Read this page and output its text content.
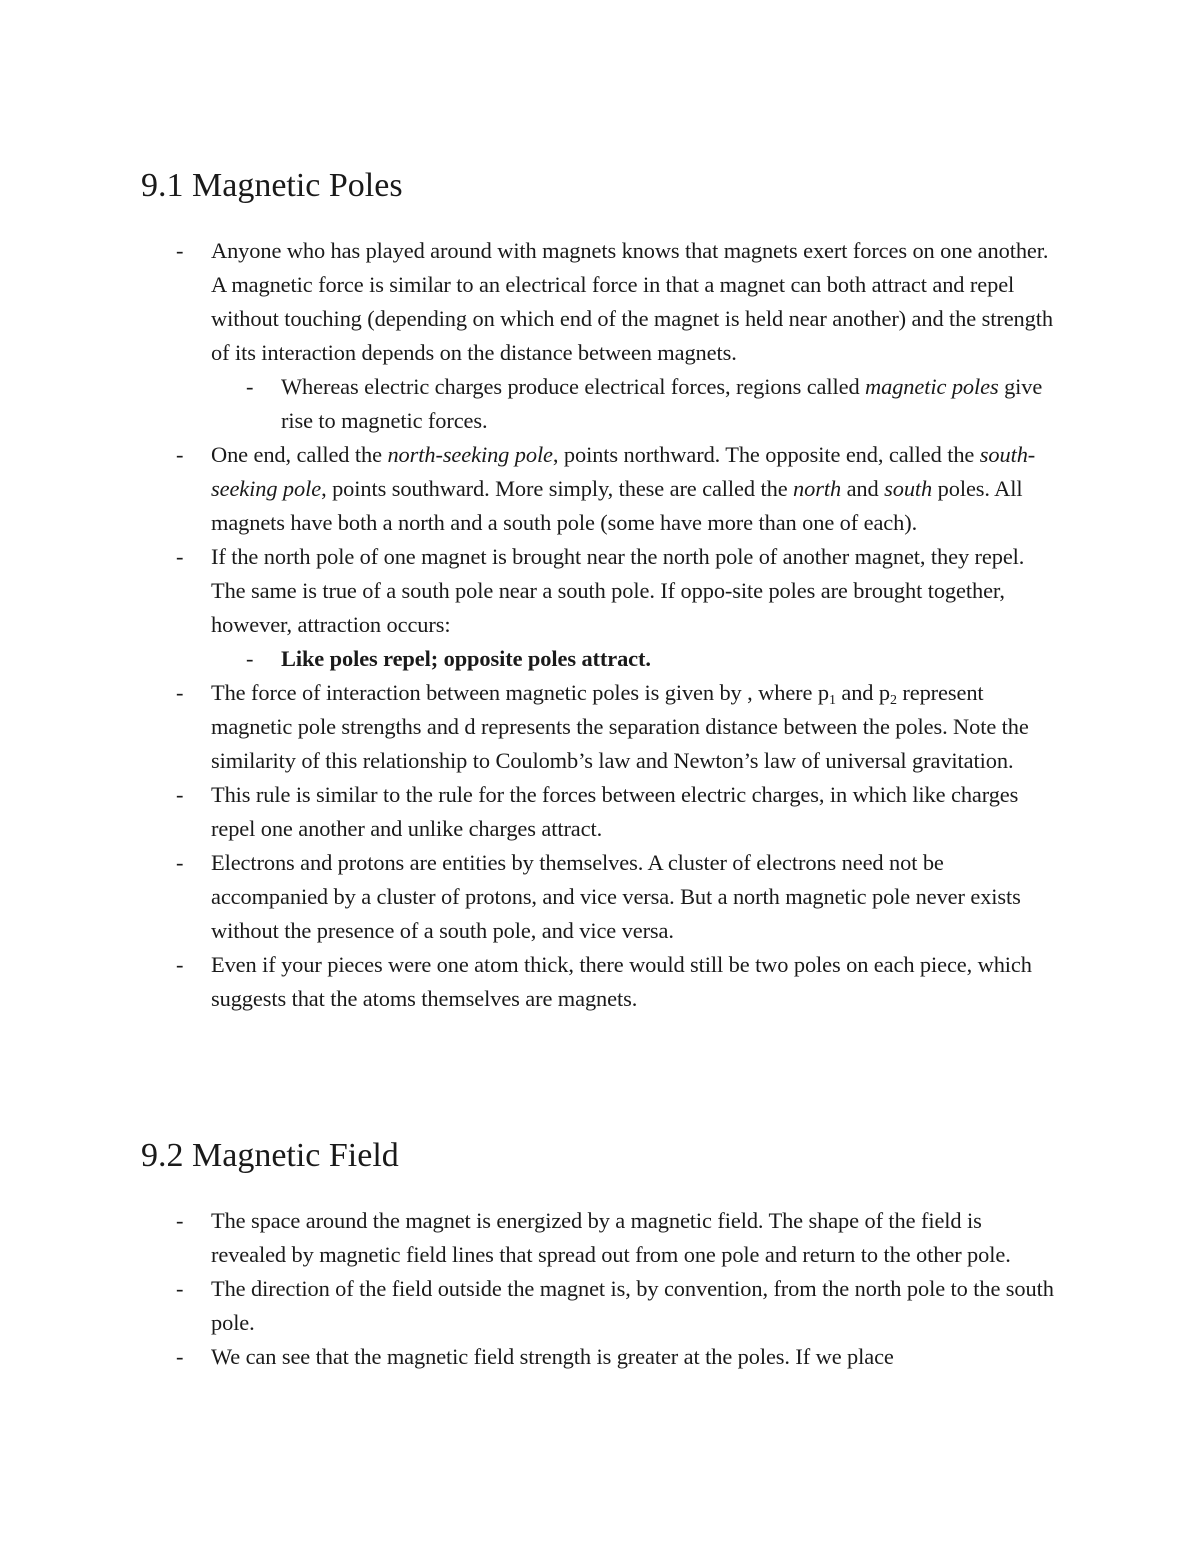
9.1 Magnetic Poles
- Anyone who has played around with magnets knows that magnets exert forces on one another. A magnetic force is similar to an electrical force in that a magnet can both attract and repel without touching (depending on which end of the magnet is held near another) and the strength of its interaction depends on the distance between magnets.
- Whereas electric charges produce electrical forces, regions called magnetic poles give rise to magnetic forces.
- One end, called the north-seeking pole, points northward. The opposite end, called the south-seeking pole, points southward. More simply, these are called the north and south poles. All magnets have both a north and a south pole (some have more than one of each).
- If the north pole of one magnet is brought near the north pole of another magnet, they repel. The same is true of a south pole near a south pole. If oppo-site poles are brought together, however, attraction occurs:
- Like poles repel; opposite poles attract.
- The force of interaction between magnetic poles is given by , where $p_1$ and $p_2$ represent magnetic pole strengths and d represents the separation distance between the poles. Note the similarity of this relationship to Coulomb’s law and Newton’s law of universal gravitation.
- This rule is similar to the rule for the forces between electric charges, in which like charges repel one another and unlike charges attract.
- Electrons and protons are entities by themselves. A cluster of electrons need not be accompanied by a cluster of protons, and vice versa. But a north magnetic pole never exists without the presence of a south pole, and vice versa.
- Even if your pieces were one atom thick, there would still be two poles on each piece, which suggests that the atoms themselves are magnets.
9.2 Magnetic Field
- The space around the magnet is energized by a magnetic field. The shape of the field is revealed by magnetic field lines that spread out from one pole and return to the other pole.
- The direction of the field outside the magnet is, by convention, from the north pole to the south pole.
- We can see that the magnetic field strength is greater at the poles. If we place
